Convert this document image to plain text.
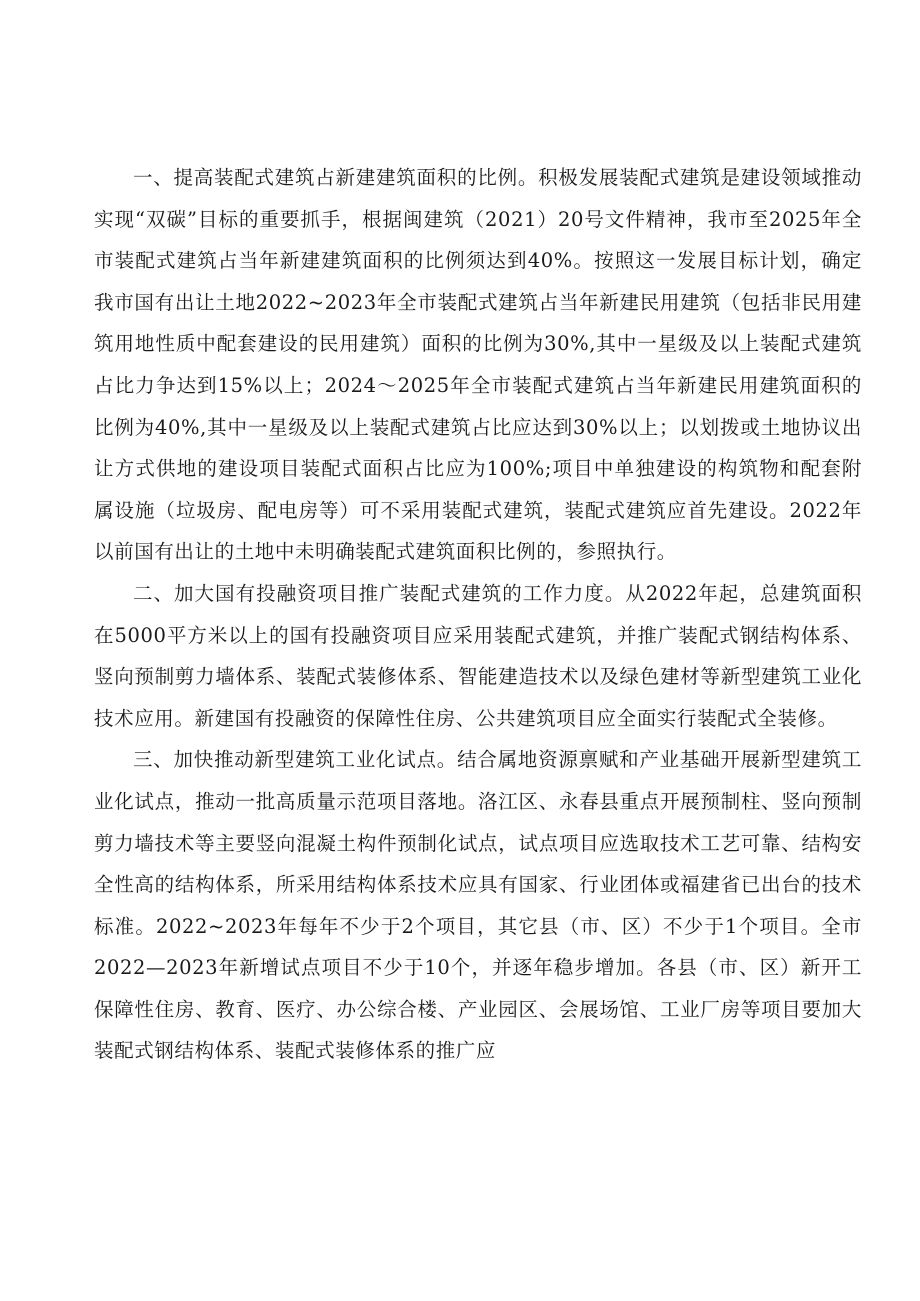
一、提高装配式建筑占新建建筑面积的比例。积极发展装配式建筑是建设领域推动实现“双碳”目标的重要抓手，根据闽建筑（2021）20号文件精神，我市至2025年全市装配式建筑占当年新建建筑面积的比例须达到40%。按照这一发展目标计划，确定我市国有出让土地2022~2023年全市装配式建筑占当年新建民用建筑（包括非民用建筑用地性质中配套建设的民用建筑）面积的比例为30%,其中一星级及以上装配式建筑占比力争达到15%以上；2024～2025年全市装配式建筑占当年新建民用建筑面积的比例为40%,其中一星级及以上装配式建筑占比应达到30%以上；以划拨或土地协议出让方式供地的建设项目装配式面积占比应为100%;项目中单独建设的构筑物和配套附属设施（垃圾房、配电房等）可不采用装配式建筑，装配式建筑应首先建设。2022年以前国有出让的土地中未明确装配式建筑面积比例的，参照执行。

二、加大国有投融资项目推广装配式建筑的工作力度。从2022年起，总建筑面积在5000平方米以上的国有投融资项目应采用装配式建筑，并推广装配式钢结构体系、竖向预制剪力墙体系、装配式装修体系、智能建造技术以及绿色建材等新型建筑工业化技术应用。新建国有投融资的保障性住房、公共建筑项目应全面实行装配式全装修。

三、加快推动新型建筑工业化试点。结合属地资源禀赋和产业基础开展新型建筑工业化试点，推动一批高质量示范项目落地。洛江区、永春县重点开展预制柱、竖向预制剪力墙技术等主要竖向混凝土构件预制化试点，试点项目应选取技术工艺可靠、结构安全性高的结构体系，所采用结构体系技术应具有国家、行业团体或福建省已出台的技术标准。2022~2023年每年不少于2个项目，其它县（市、区）不少于1个项目。全市2022—2023年新增试点项目不少于10个，并逐年稳步增加。各县（市、区）新开工保障性住房、教育、医疗、办公综合楼、产业园区、会展场馆、工业厂房等项目要加大装配式钢结构体系、装配式装修体系的推广应
